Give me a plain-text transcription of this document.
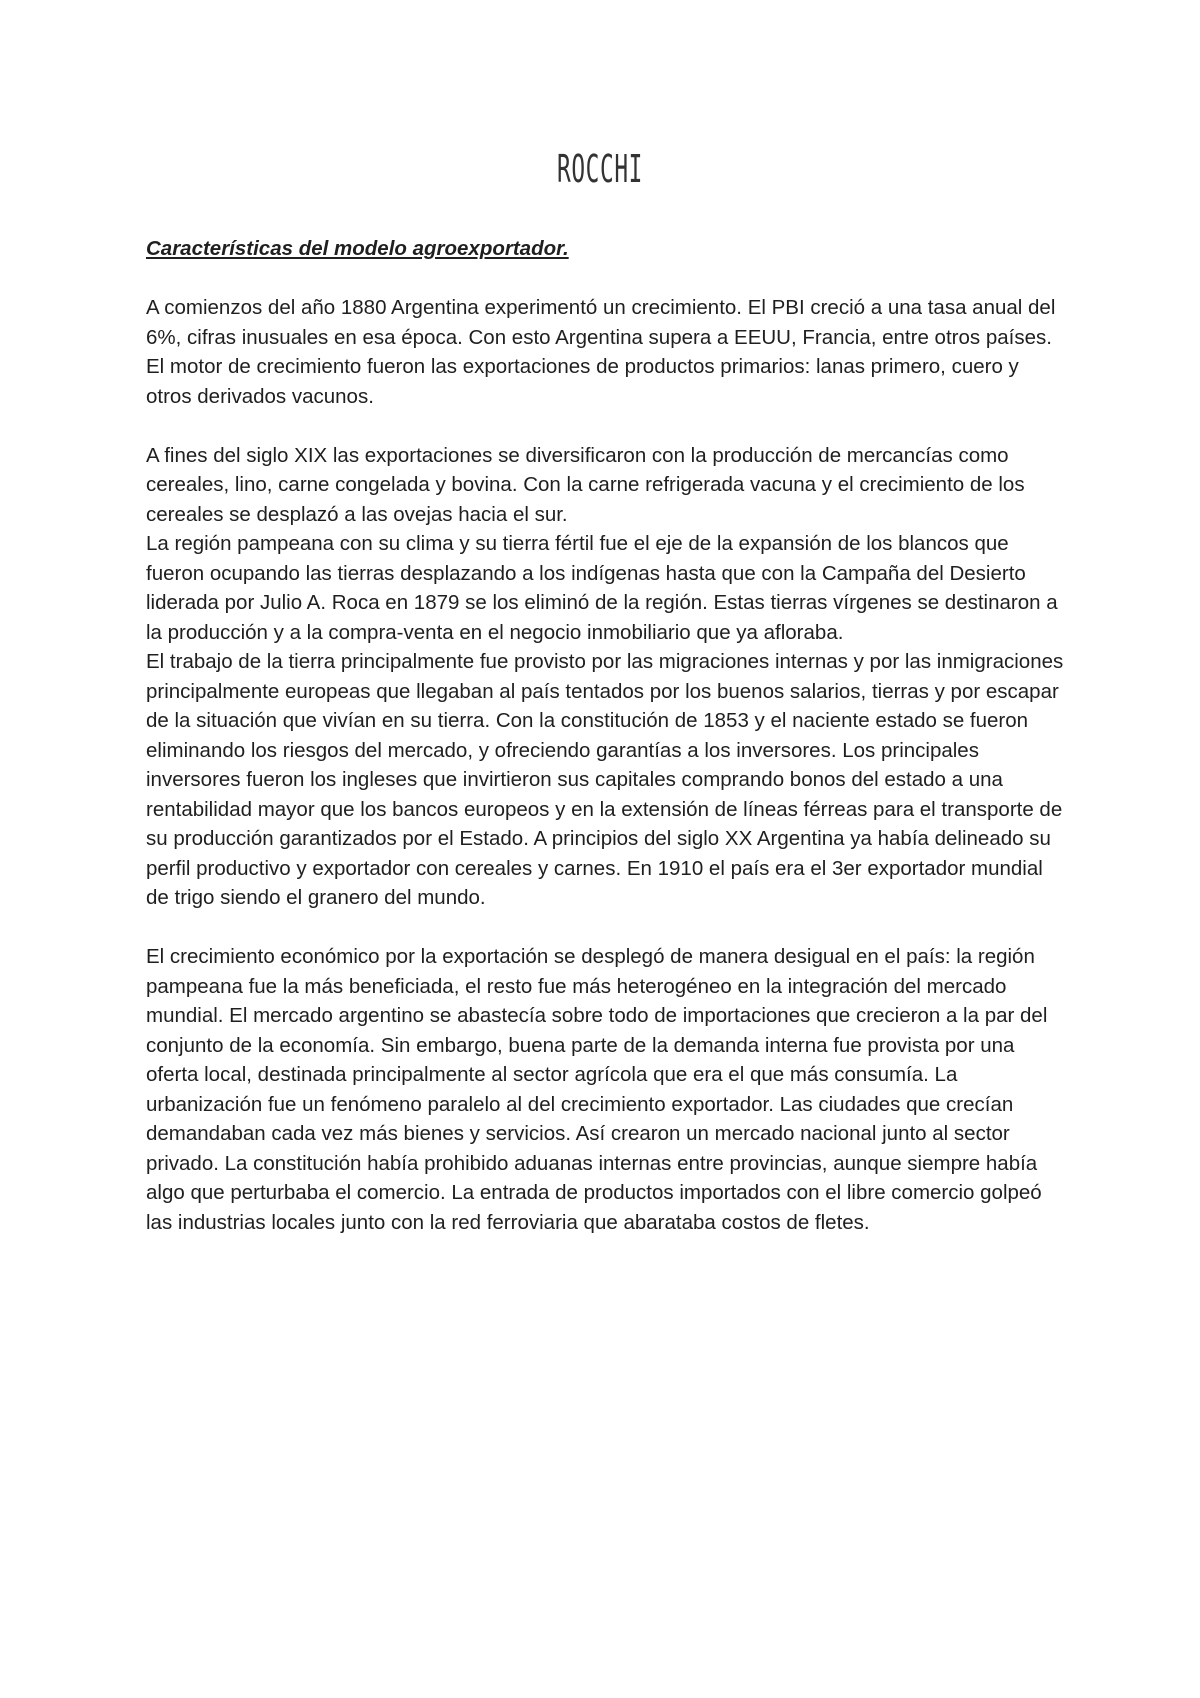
ROCCHI

Características del modelo agroexportador.

A comienzos del año 1880 Argentina experimentó un crecimiento. El PBI creció a una tasa anual del 6%, cifras inusuales en esa época. Con esto Argentina supera a EEUU, Francia, entre otros países. El motor de crecimiento fueron las exportaciones de productos primarios: lanas primero, cuero y otros derivados vacunos.

A fines del siglo XIX las exportaciones se diversificaron con la producción de mercancías como cereales, lino, carne congelada y bovina. Con la carne refrigerada vacuna y el crecimiento de los cereales se desplazó a las ovejas hacia el sur.

La región pampeana con su clima y su tierra fértil fue el eje de la expansión de los blancos que fueron ocupando las tierras desplazando a los indígenas hasta que con la Campaña del Desierto liderada por Julio A. Roca en 1879 se los eliminó de la región. Estas tierras vírgenes se destinaron a la producción y a la compra-venta en el negocio inmobiliario que ya afloraba.

El trabajo de la tierra principalmente fue provisto por las migraciones internas y por las inmigraciones principalmente europeas que llegaban al país tentados por los buenos salarios, tierras y por escapar de la situación que vivían en su tierra. Con la constitución de 1853 y el naciente estado se fueron eliminando los riesgos del mercado, y ofreciendo garantías a los inversores. Los principales inversores fueron los ingleses que invirtieron sus capitales comprando bonos del estado a una rentabilidad mayor que los bancos europeos y en la extensión de líneas férreas para el transporte de su producción garantizados por el Estado. A principios del siglo XX Argentina ya había delineado su perfil productivo y exportador con cereales y carnes. En 1910 el país era el 3er exportador mundial de trigo siendo el granero del mundo.

El crecimiento económico por la exportación se desplegó de manera desigual en el país: la región pampeana fue la más beneficiada, el resto fue más heterogéneo en la integración del mercado mundial. El mercado argentino se abastecía sobre todo de importaciones que crecieron a la par del conjunto de la economía. Sin embargo, buena parte de la demanda interna fue provista por una oferta local, destinada principalmente al sector agrícola que era el que más consumía. La urbanización fue un fenómeno paralelo al del crecimiento exportador. Las ciudades que crecían demandaban cada vez más bienes y servicios. Así crearon un mercado nacional junto al sector privado. La constitución había prohibido aduanas internas entre provincias, aunque siempre había algo que perturbaba el comercio. La entrada de productos importados con el libre comercio golpeó las industrias locales junto con la red ferroviaria que abarataba costos de fletes.
